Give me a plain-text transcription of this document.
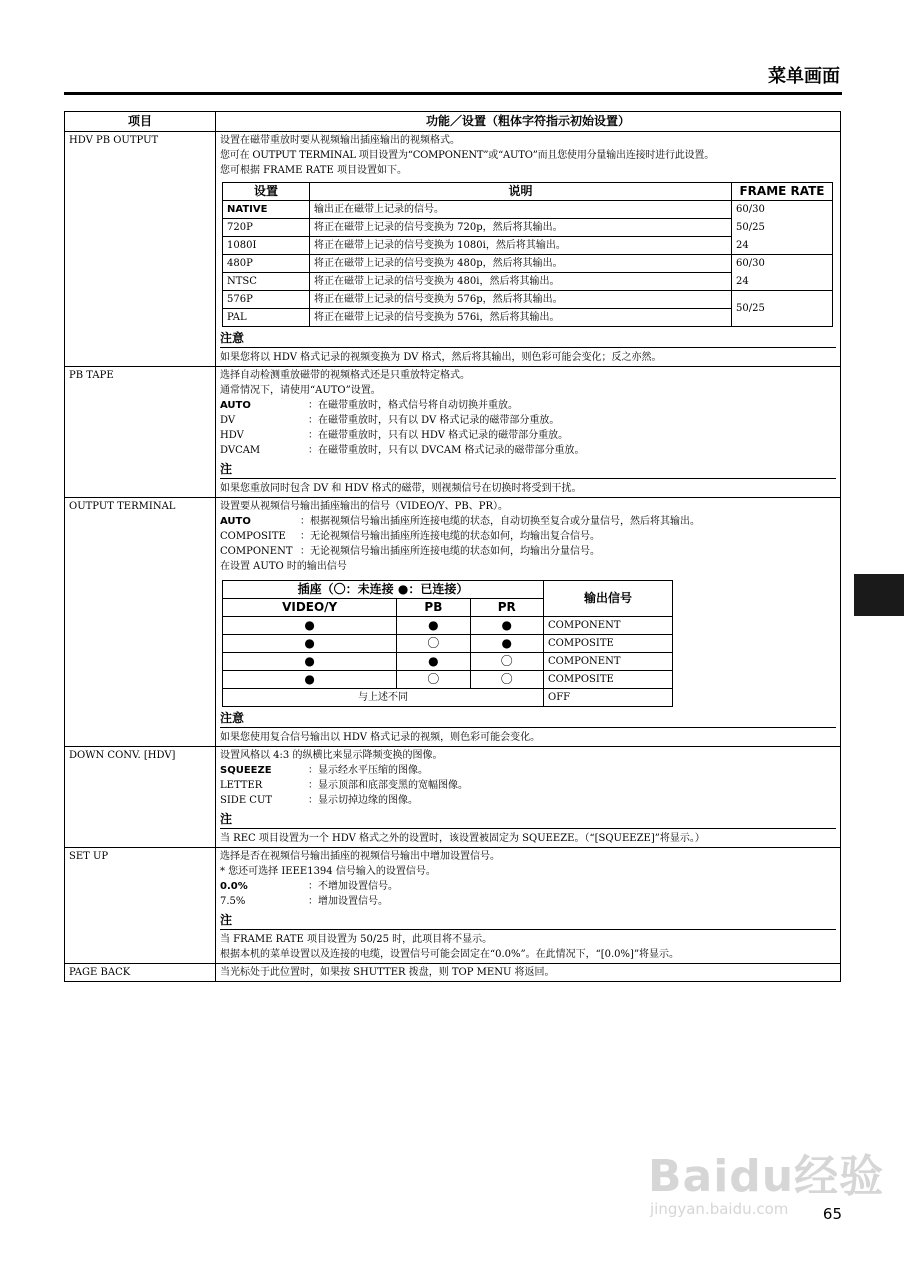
菜单画面
项目	功能／设置（粗体字符指示初始设置）
HDV PB OUTPUT	设置在磁带重放时要从视频输出插座输出的视频格式。
您可在 OUTPUT TERMINAL 项目设置为“COMPONENT”或“AUTO”而且您使用分量输出连接时进行此设置。
您可根据 FRAME RATE 项目设置如下。
设置	说明	FRAME RATE
NATIVE	输出正在磁带上记录的信号。	60/30
720P	将正在磁带上记录的信号变换为 720p，然后将其输出。	50/25
1080I	将正在磁带上记录的信号变换为 1080i，然后将其输出。	24
480P	将正在磁带上记录的信号变换为 480p，然后将其输出。	60/30
NTSC	将正在磁带上记录的信号变换为 480i，然后将其输出。	24
576P	将正在磁带上记录的信号变换为 576p，然后将其输出。	50/25
PAL	将正在磁带上记录的信号变换为 576i，然后将其输出。
注意
如果您将以 HDV 格式记录的视频变换为 DV 格式，然后将其输出，则色彩可能会变化；反之亦然。

PB TAPE	选择自动检测重放磁带的视频格式还是只重放特定格式。
通常情况下，请使用“AUTO”设置。
AUTO	：在磁带重放时，格式信号将自动切换并重放。
DV	：在磁带重放时，只有以 DV 格式记录的磁带部分重放。
HDV	：在磁带重放时，只有以 HDV 格式记录的磁带部分重放。
DVCAM	：在磁带重放时，只有以 DVCAM 格式记录的磁带部分重放。
注
如果您重放同时包含 DV 和 HDV 格式的磁带，则视频信号在切换时将受到干扰。

OUTPUT TERMINAL	设置要从视频信号输出插座输出的信号（VIDEO/Y、PB、PR）。
AUTO	：根据视频信号输出插座所连接电缆的状态，自动切换至复合或分量信号，然后将其输出。
COMPOSITE	：无论视频信号输出插座所连接电缆的状态如何，均输出复合信号。
COMPONENT ：无论视频信号输出插座所连接电缆的状态如何，均输出分量信号。
在设置 AUTO 时的输出信号
插座（〇：未连接 ●：已连接）	输出信号
VIDEO/Y	PB	PR
●	●	●	COMPONENT
●	〇	●	COMPOSITE
●	●	〇	COMPONENT
●	〇	〇	COMPOSITE
与上述不同	OFF
注意
如果您使用复合信号输出以 HDV 格式记录的视频，则色彩可能会变化。

DOWN CONV. [HDV]	设置风格以 4:3 的纵横比来显示降频变换的图像。
SQUEEZE	：显示经水平压缩的图像。
LETTER	：显示顶部和底部变黑的宽幅图像。
SIDE CUT	：显示切掉边缘的图像。
注
当 REC 项目设置为一个 HDV 格式之外的设置时，该设置被固定为 SQUEEZE。（“[SQUEEZE]”将显示。）

SET UP	选择是否在视频信号输出插座的视频信号输出中增加设置信号。
* 您还可选择 IEEE1394 信号输入的设置信号。
0.0%	：不增加设置信号。
7.5%	：增加设置信号。
注
当 FRAME RATE 项目设置为 50/25 时，此项目将不显示。
根据本机的菜单设置以及连接的电缆，设置信号可能会固定在“0.0%”。在此情况下，“[0.0%]”将显示。

PAGE BACK	当光标处于此位置时，如果按 SHUTTER 拨盘，则 TOP MENU 将返回。
Baidu经验
jingyan.baidu.com	65
